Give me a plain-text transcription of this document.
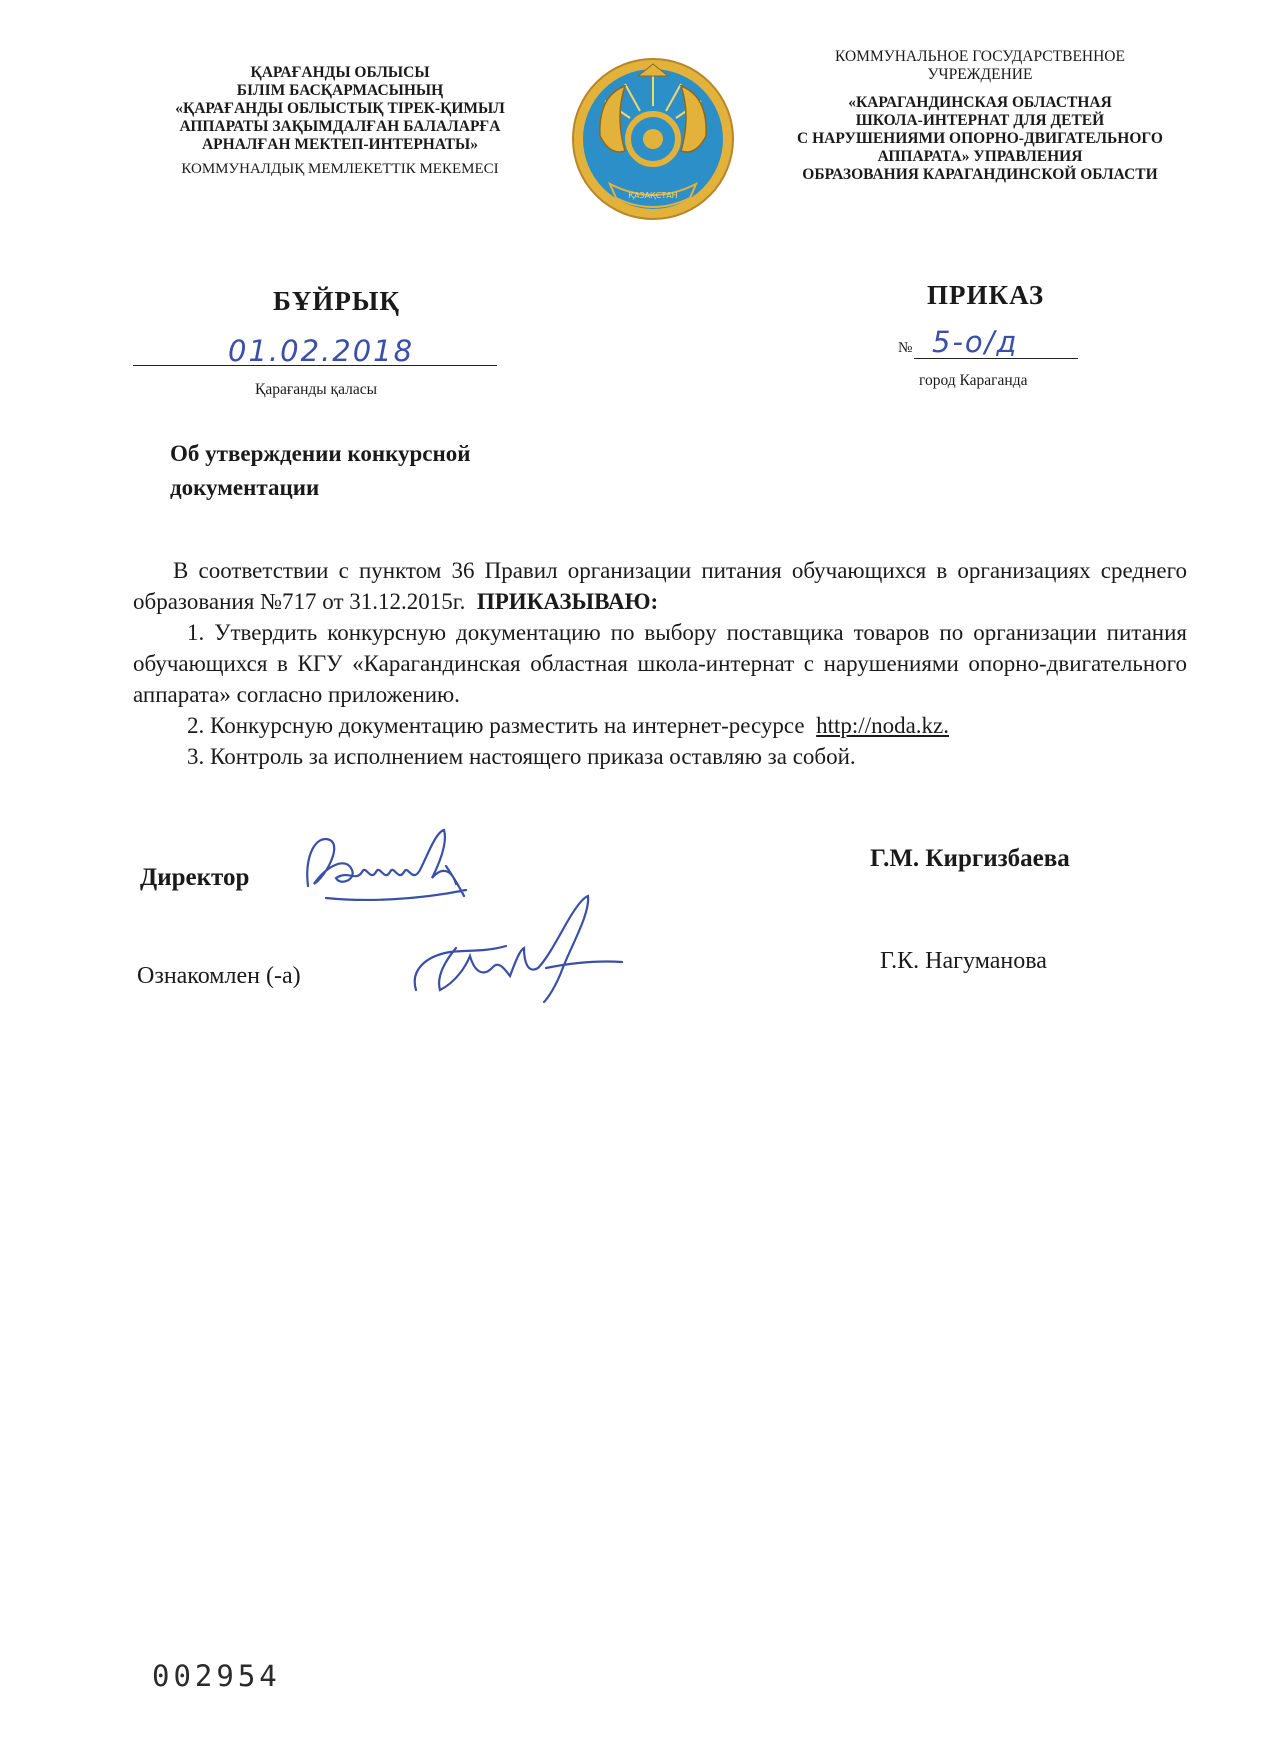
ҚАРАҒАНДЫ ОБЛЫСЫ
БІЛІМ БАСҚАРМАСЫНЫҢ
«ҚАРАҒАНДЫ ОБЛЫСТЫҚ ТІРЕК-ҚИМЫЛ
АППАРАТЫ ЗАҚЫМДАЛҒАН БАЛАЛАРҒА
АРНАЛҒАН МЕКТЕП-ИНТЕРНАТЫ»
КОММУНАЛДЫҚ МЕМЛЕКЕТТІК МЕКЕМЕСІ
ҚАЗАҚСТАН
КОММУНАЛЬНОЕ ГОСУДАРСТВЕННОЕ
УЧРЕЖДЕНИЕ
«КАРАГАНДИНСКАЯ ОБЛАСТНАЯ
ШКОЛА-ИНТЕРНАТ ДЛЯ ДЕТЕЙ
С НАРУШЕНИЯМИ ОПОРНО-ДВИГАТЕЛЬНОГО
АППАРАТА» УПРАВЛЕНИЯ
ОБРАЗОВАНИЯ КАРАГАНДИНСКОЙ ОБЛАСТИ
БҰЙРЫҚ	ПРИКАЗ
01.02.2018
Қарағанды қаласы
№ 5-о/д
город Караганда
Об утверждении конкурсной
документации

В соответствии с пунктом 36 Правил организации питания обучающихся в организациях среднего образования №717 от 31.12.2015г. ПРИКАЗЫВАЮ:

1. Утвердить конкурсную документацию по выбору поставщика товаров по организации питания обучающихся в КГУ «Карагандинская областная школа-интернат с нарушениями опорно-двигательного аппарата» согласно приложению.

2. Конкурсную документацию разместить на интернет-ресурсе http://noda.kz.

3. Контроль за исполнением настоящего приказа оставляю за собой.

Директор
Г.М. Киргизбаева
Ознакомлен (-а)
Г.К. Нагуманова
002954
